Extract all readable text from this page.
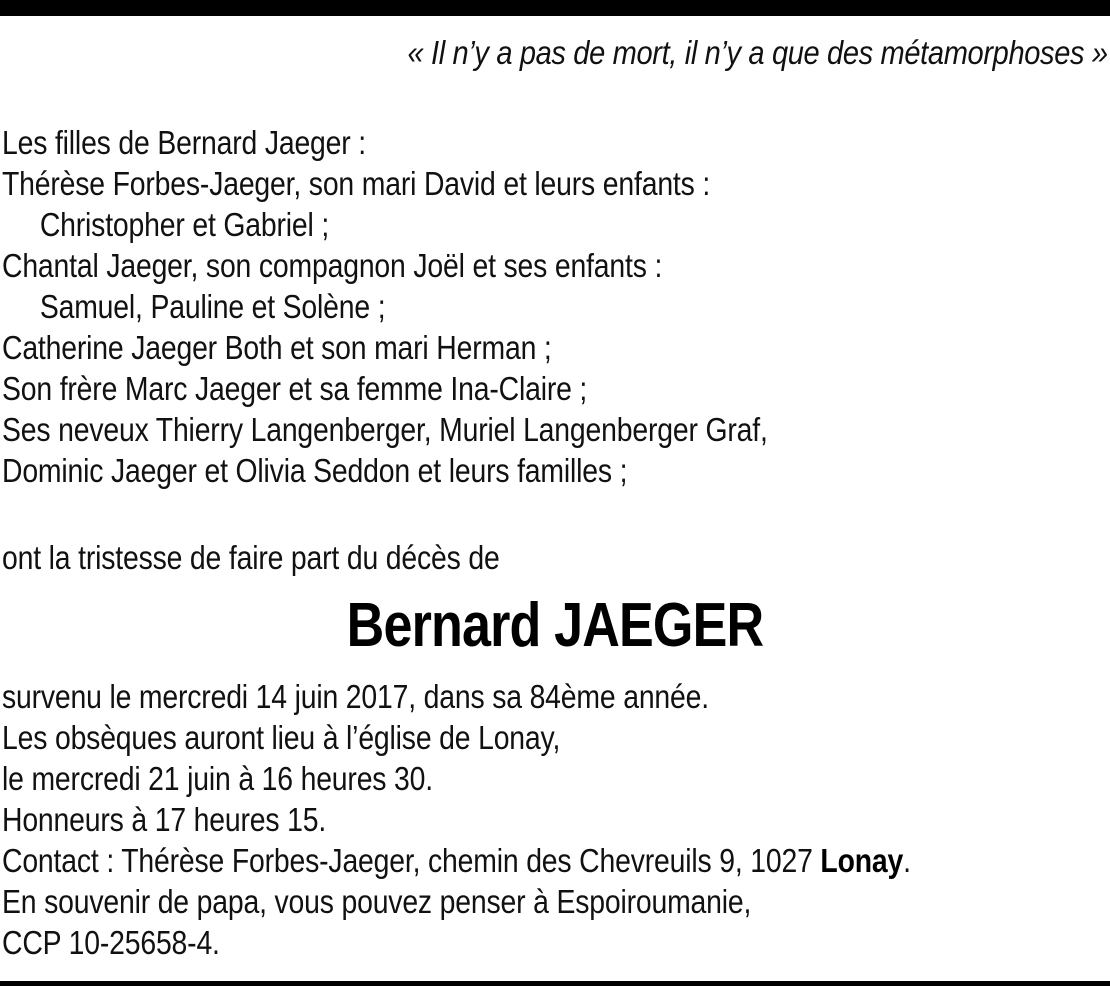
« Il n’y a pas de mort, il n’y a que des métamorphoses »
Les filles de Bernard Jaeger :
Thérèse Forbes-Jaeger, son mari David et leurs enfants :
Christopher et Gabriel ;
Chantal Jaeger, son compagnon Joël et ses enfants :
Samuel, Pauline et Solène ;
Catherine Jaeger Both et son mari Herman ;
Son frère Marc Jaeger et sa femme Ina-Claire ;
Ses neveux Thierry Langenberger, Muriel Langenberger Graf,
Dominic Jaeger et Olivia Seddon et leurs familles ;
ont la tristesse de faire part du décès de
Bernard JAEGER
survenu le mercredi 14 juin 2017, dans sa 84ème année.
Les obsèques auront lieu à l’église de Lonay,
le mercredi 21 juin à 16 heures 30.
Honneurs à 17 heures 15.
Contact : Thérèse Forbes-Jaeger, chemin des Chevreuils 9, 1027 Lonay.
En souvenir de papa, vous pouvez penser à Espoiroumanie,
CCP 10-25658-4.
